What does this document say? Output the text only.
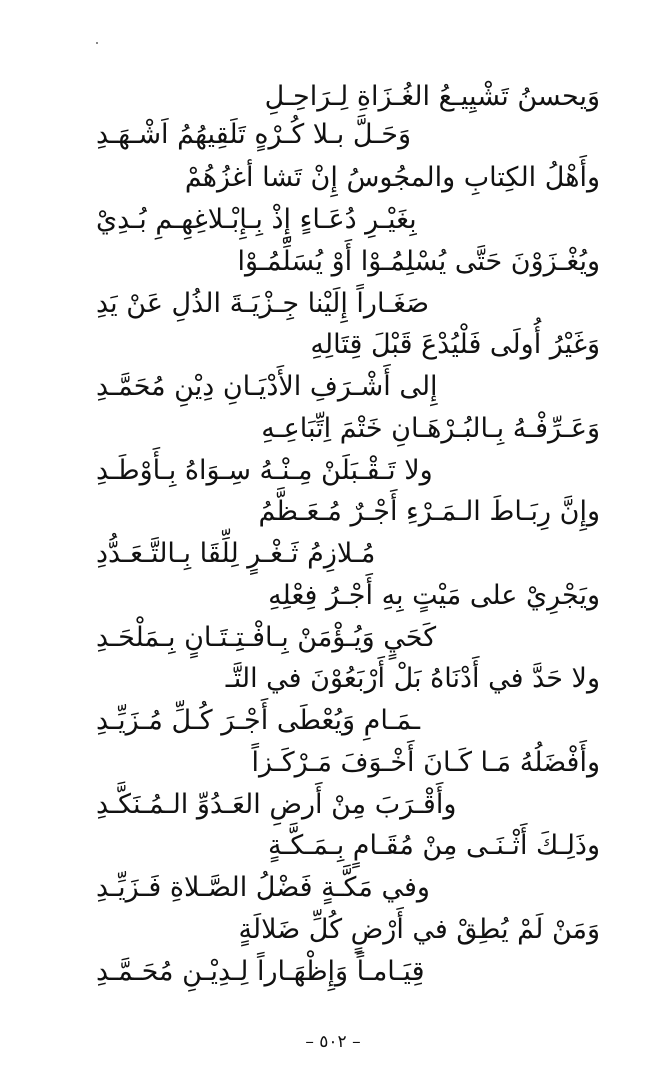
وَيحسنُ تَشْيِيـعُ الغُـزَاةِ لِـرَاحِـلِ
وَحَـلَّ بـلا كُـرْهٍ تَلَقِيهُمُ اَشْـهَـدِ
وأَهْلُ الكِتابِ والمجُوسُ إِنْ تَشا أغزُهُمْ
بِغَيْـرِ دُعَـاءٍ إِذْ بِـإِبْـلاغِهِـمِ بُـدِيْ
ويُغْـزَوْنَ حَتَّى يُسْلِمُـوْا أَوْ يُسَلِّمُـوْا
صَغَـاراً إِلَيْنا جِـزْيَـةَ الذُلِ عَنْ يَدِ
وَغَيْرُ أُولَى فَلْيُدْعَ قَبْلَ قِتَالِهِ
إِلى أَشْـرَفِ الأَدْيَـانِ دِيْنِ مُحَمَّـدِ
وَعَـرِّفْـهُ بِـالبُـرْهَـانِ خَتْمَ اِتِّبَاعِـهِ
ولا تَـقْـبَلَنْ مِـنْـهُ سِـوَاهُ بِـأَوْطَـدِ
وإِنَّ رِبَـاطَ الـمَـرْءِ أَجْـرٌ مُـعَـظَّمُ
مُـلازِمُ ثَـغْـرٍ لِلِّقَا بِـالتَّـعَـدُّدِ
ويَجْرِيْ على مَيْتٍ بِهِ أَجْـرُ فِعْلِهِ
كَحَيٍ وَيُـؤْمَنْ بِـافْـتِـتَـانٍ بِـمَلْحَـدِ
ولا حَدَّ في أَدْنَاهُ بَلْ أَرْبَعُوْنَ في التَّـ
ـمَـامِ وَيُعْطَى أَجْـرَ كُـلِّ مُـزَيِّـدِ
وأَفْضَلُهُ مَـا كَـانَ أَخْـوَفَ مَـرْكَـزاً
وأَقْـرَبَ مِنْ أَرضِ العَـدُوِّ الـمُـنَكَّـدِ
وذَلِـكَ أَثْـنَـى مِنْ مُقَـامٍ بِـمَـكَّـةٍ
وفي مَكَّـةٍ فَضْلُ الصَّـلاةِ فَـزَيِّـدِ
وَمَنْ لَمْ يُطِقْ في أَرْضٍ كُلِّ ضَلالَةٍ
قِيَـامـاً وَإِظْهَـاراً لِـدِيْـنِ مُحَـمَّـدِ
– ٥٠٢ –
